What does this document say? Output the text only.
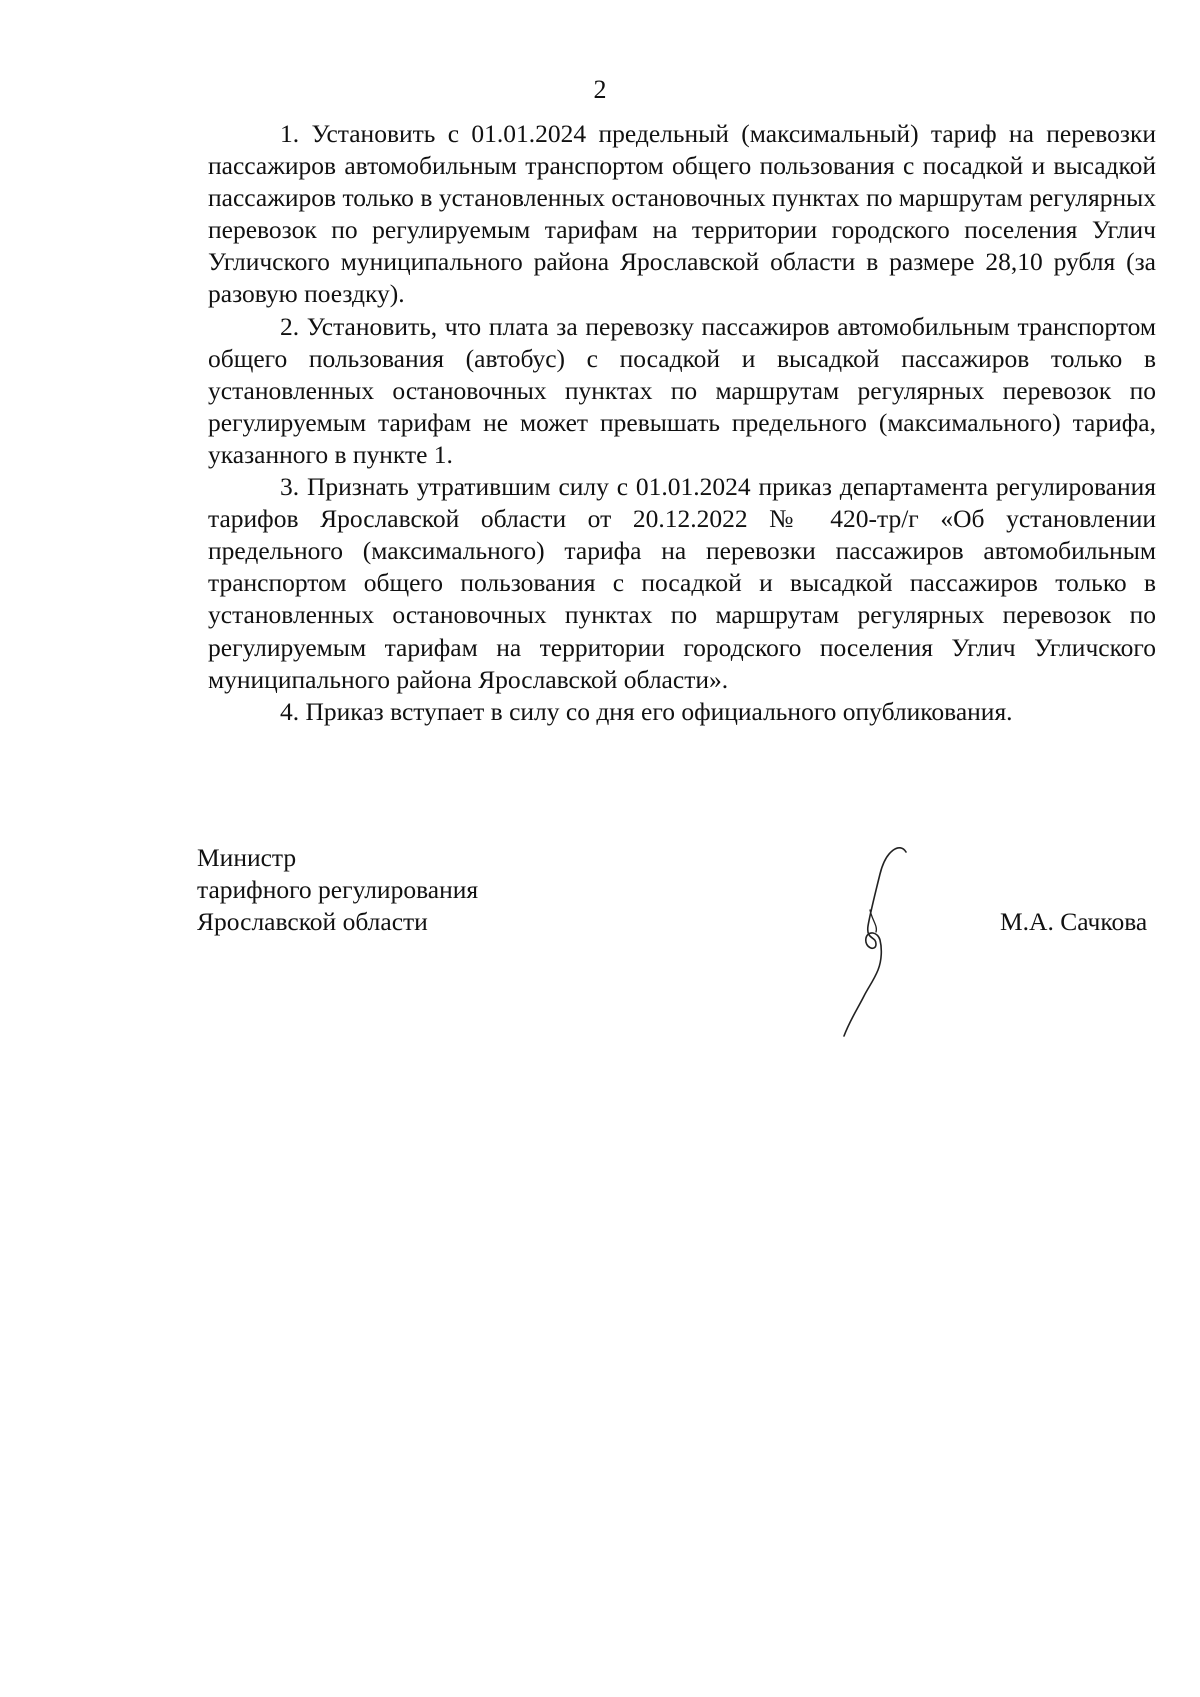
2

1. Установить с 01.01.2024 предельный (максимальный) тариф на перевозки пассажиров автомобильным транспортом общего пользования с посадкой и высадкой пассажиров только в установленных остановочных пунктах по маршрутам регулярных перевозок по регулируемым тарифам на территории городского поселения Углич Угличского муниципального района Ярославской области в размере 28,10 рубля (за разовую поездку).

2. Установить, что плата за перевозку пассажиров автомобильным транспортом общего пользования (автобус) с посадкой и высадкой пассажиров только в установленных остановочных пунктах по маршрутам регулярных перевозок по регулируемым тарифам не может превышать предельного (максимального) тарифа, указанного в пункте 1.

3. Признать утратившим силу с 01.01.2024 приказ департамента регулирования тарифов Ярославской области от 20.12.2022 № 420-тр/г «Об установлении предельного (максимального) тарифа на перевозки пассажиров автомобильным транспортом общего пользования с посадкой и высадкой пассажиров только в установленных остановочных пунктах по маршрутам регулярных перевозок по регулируемым тарифам на территории городского поселения Углич Угличского муниципального района Ярославской области».

4. Приказ вступает в силу со дня его официального опубликования.

Министр
тарифного регулирования
Ярославской области	М.А. Сачкова
